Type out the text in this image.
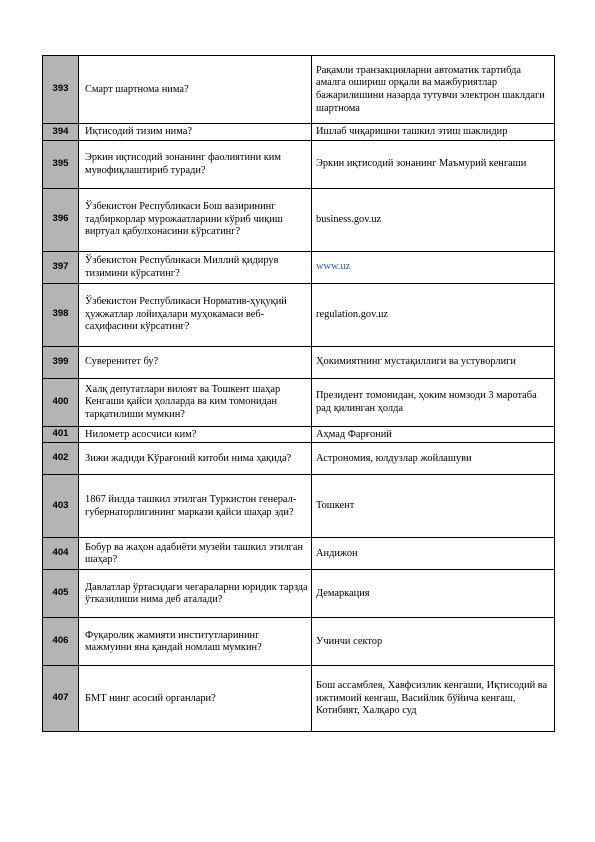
393	Смарт шартнома нима?	Рақамли транзакцияларни автоматик тартибда амалга ошириш орқали ва мажбуриятлар бажарилишини назарда тутувчи электрон шаклдаги шартнома
394	Иқтисодий тизим нима?	Ишлаб чиқаришни ташкил этиш шаклидир
395	Эркин иқтисодий зонанинг фаолиятини ким мувофиқлаштириб туради?	Эркин иқтисодий зонанинг Маъмурий кенгаши
396	Ўзбекистон Республикаси Бош вазирининг тадбиркорлар мурожаатларини кўриб чиқиш виртуал қабулхонасини кўрсатинг?	business.gov.uz
397	Ўзбекистон Республикаси Миллий қидирув тизимини кўрсатинг?	www.uz
398	Ўзбекистон Республикаси Норматив-ҳуқуқий ҳужжатлар лойиҳалари муҳокамаси веб-саҳифасини кўрсатинг?	regulation.gov.uz
399	Суверенитет бу?	Ҳокимиятнинг мустақиллиги ва устуворлиги
400	Халқ депутатлари вилоят ва Тошкент шаҳар Кенгаши қайси ҳолларда ва ким томонидан тарқатилиши мумкин?	Президент томонидан, ҳоким номзоди 3 маротаба рад қилинган ҳолда
401	Нилометр асосчиси ким?	Аҳмад Фарғоний
402	Зижи жадиди Кўрағоний китоби нима ҳақида?	Астрономия, юлдузлар жойлашуви
403	1867 йилда ташкил этилган Туркистон генерал-губернаторлигининг маркази қайси шаҳар эди?	Тошкент
404	Бобур ва жаҳон адабиёти музейи ташкил этилган шаҳар?	Андижон
405	Давлатлар ўртасидаги чегараларни юридик тарзда ўтказилиши нима деб аталади?	Демаркация
406	Фуқаролик жамияти институтларининг мажмуини яна қандай номлаш мумкин?	Учинчи сектор
407	БМТ нинг асосий органлари?	Бош ассамблея, Хавфсизлик кенгаши, Иқтисодий ва ижтимоий кенгаш, Васийлик бўйича кенгаш, Котибият, Халқаро суд
